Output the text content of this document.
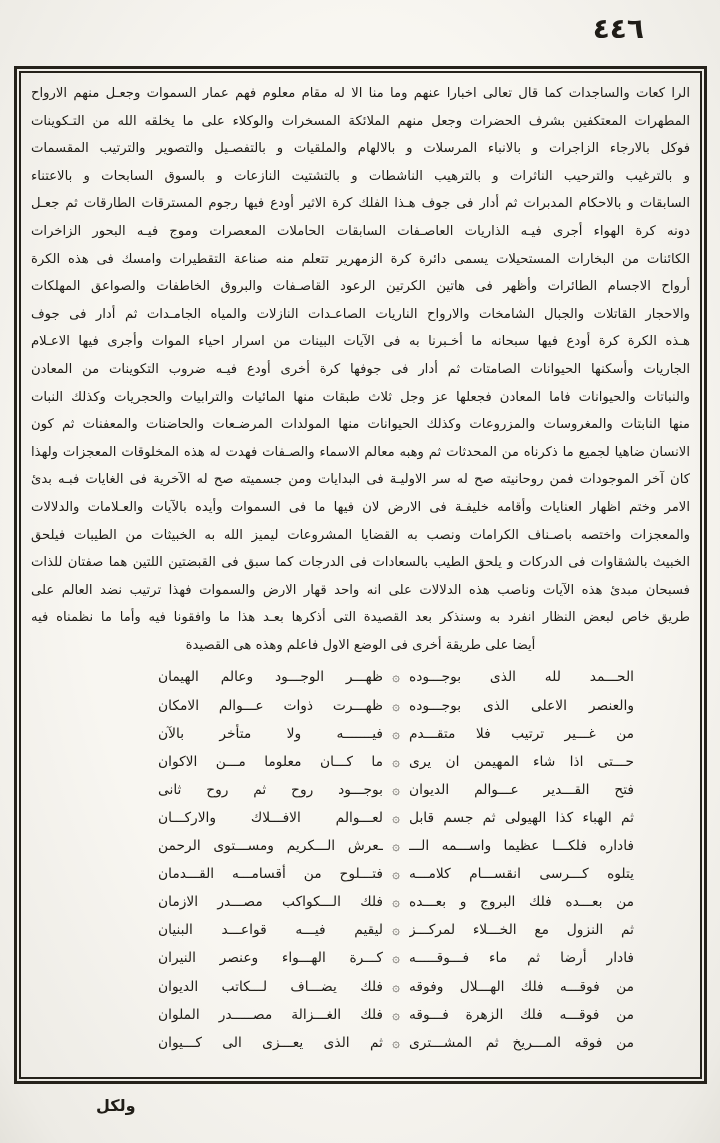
٤٤٦
الرا كعات والساجدات كما قال تعالى اخبارا عنهم وما منا الا له مقام معلوم فهم عمار السموات وجعـل منهم الارواح
المطهرات المعتكفين بشرف الحضرات وجعل منهم الملائكة المسخرات والوكلاء على ما يخلقه الله من التـكوينات
فوكل بالارجاء الزاجرات و بالانباء المرسلات و بالالهام والملقيات و بالتفصـيل والتصوير والترتيب المقسمات
و بالترغيب والترحيب الناثرات و بالترهيب الناشطات و بالتشتيت النازعات و بالسوق السابحات و بالاعتناء
السابقات و بالاحكام المدبرات ثم أدار فى جوف هـذا الفلك كرة الاثير أودع فيها رجوم المسترقات الطارقات ثم جعـل
دونه كرة الهواء أجرى فيـه الذاريات العاصـفات السابقات الحاملات المعصرات وموج فيـه البحور الزاخرات
الكائنات من البخارات المستحيلات يسمى دائرة كرة الزمهرير تتعلم منه صناعة التقطيرات وامسك فى هذه الكرة
أرواح الاجسام الطائرات وأظهر فى هاتين الكرتين الرعود القاصـفات والبروق الخاطفات والصواعق المهلكات
والاحجار القاتلات والجبال الشامخات والارواح الناريات الصاعـدات النازلات والمياه الجامـدات ثم أدار فى جوف
هـذه الكرة كرة أودع فيها سبحانه ما أخـبرنا به فى الآيات البينات من اسرار احياء الموات وأجرى فيها الاعـلام
الجاريات وأسكنها الحيوانات الصامتات ثم أدار فى جوفها كرة أخرى أودع فيـه ضروب التكوينات من المعادن
والنباتات والحيوانات فاما المعادن فجعلها عز وجل ثلاث طبقات منها المائيات والترابيات والحجريات وكذلك النبات
منها النابتات والمغروسات والمزروعات وكذلك الحيوانات منها المولدات المرضـعات والحاضنات والمعفنات ثم كون
الانسان ضاهيا لجميع ما ذكرناه من المحدثات ثم وهبه معالم الاسماء والصـفات فهدت له هذه المخلوقات المعجزات ولهذا
كان آخر الموجودات فمن روحانيته صح له سر الاوليـة فى البدايات ومن جسميته صح له الآخرية فى الغايات فبـه بدئ
الامر وختم اظهار العنايات وأقامه خليفـة فى الارض لان فيها ما فى السموات وأيده بالآيات والعـلامات والدلالات
والمعجزات واختصه باصـناف الكرامات ونصب به القضايا المشروعات ليميز الله به الخبيثات من الطيبات فيلحق
الخبيث بالشقاوات فى الدركات و يلحق الطيب بالسعادات فى الدرجات كما سبق فى القبضتين اللتين هما صفتان للذات
فسبحان مبدئ هذه الآيات وناصب هذه الدلالات على انه واحد قهار الارض والسموات فهذا ترتيب نضد العالم على
طريق خاص لبعض النظار انفرد به وسنذكر بعد القصيدة التى أذكرها بعـد هذا ما وافقونا فيه وأما ما نظمناه فيه
أيضا على طريقة أخرى فى الوضع الاول فاعلم وهذه هى القصيدة
الحـــمد لله الذى بوجـــوده
۞
ظهـــر الوجـــود وعالم الهيمان
والعنصر الاعلى الذى بوجـــوده
۞
ظهـــرت ذوات عـــوالم الامكان
من غـــير ترتيب فلا متقـــدم
۞
فيـــــــه ولا متأخر بالآن
حـــتى اذا شاء المهيمن ان يرى
۞
ما كـــان معلوما مـــن الاكوان
فتح القـــدير عـــوالم الديوان
۞
بوجـــود روح ثم روح ثانى
ثم الهباء كذا الهيولى ثم جسم قابل
۞
لعـــوالم الافـــلاك والاركـــان
فاداره فلكـــا عظيما واســـمه الـــ
۞
ـعرش الـــكريم ومســـتوى الرحمن
يتلوه كـــرسى انقســـام كلامـــه
۞
فتـــلوح من أقسامـــه القـــدمان
من بعـــده فلك البروج و بعـــده
۞
فلك الـــكواكب مصـــدر الازمان
ثم النزول مع الخـــلاء لمركـــز
۞
ليقيم فيـــه قواعـــد البنيان
فادار أرضا ثم ماء فـــوقـــــه
۞
كـــرة الهـــواء وعنصر النيران
من فوقـــه فلك الهـــلال وفوقه
۞
فلك يضـــاف لـــكاتب الديوان
من فوقـــه فلك الزهرة فـــوقه
۞
فلك الغـــزالة مصـــــدر الملوان
من فوقه المـــريخ ثم المشـــترى
۞
ثم الذى يعـــزى الى كـــيوان
ولكل
